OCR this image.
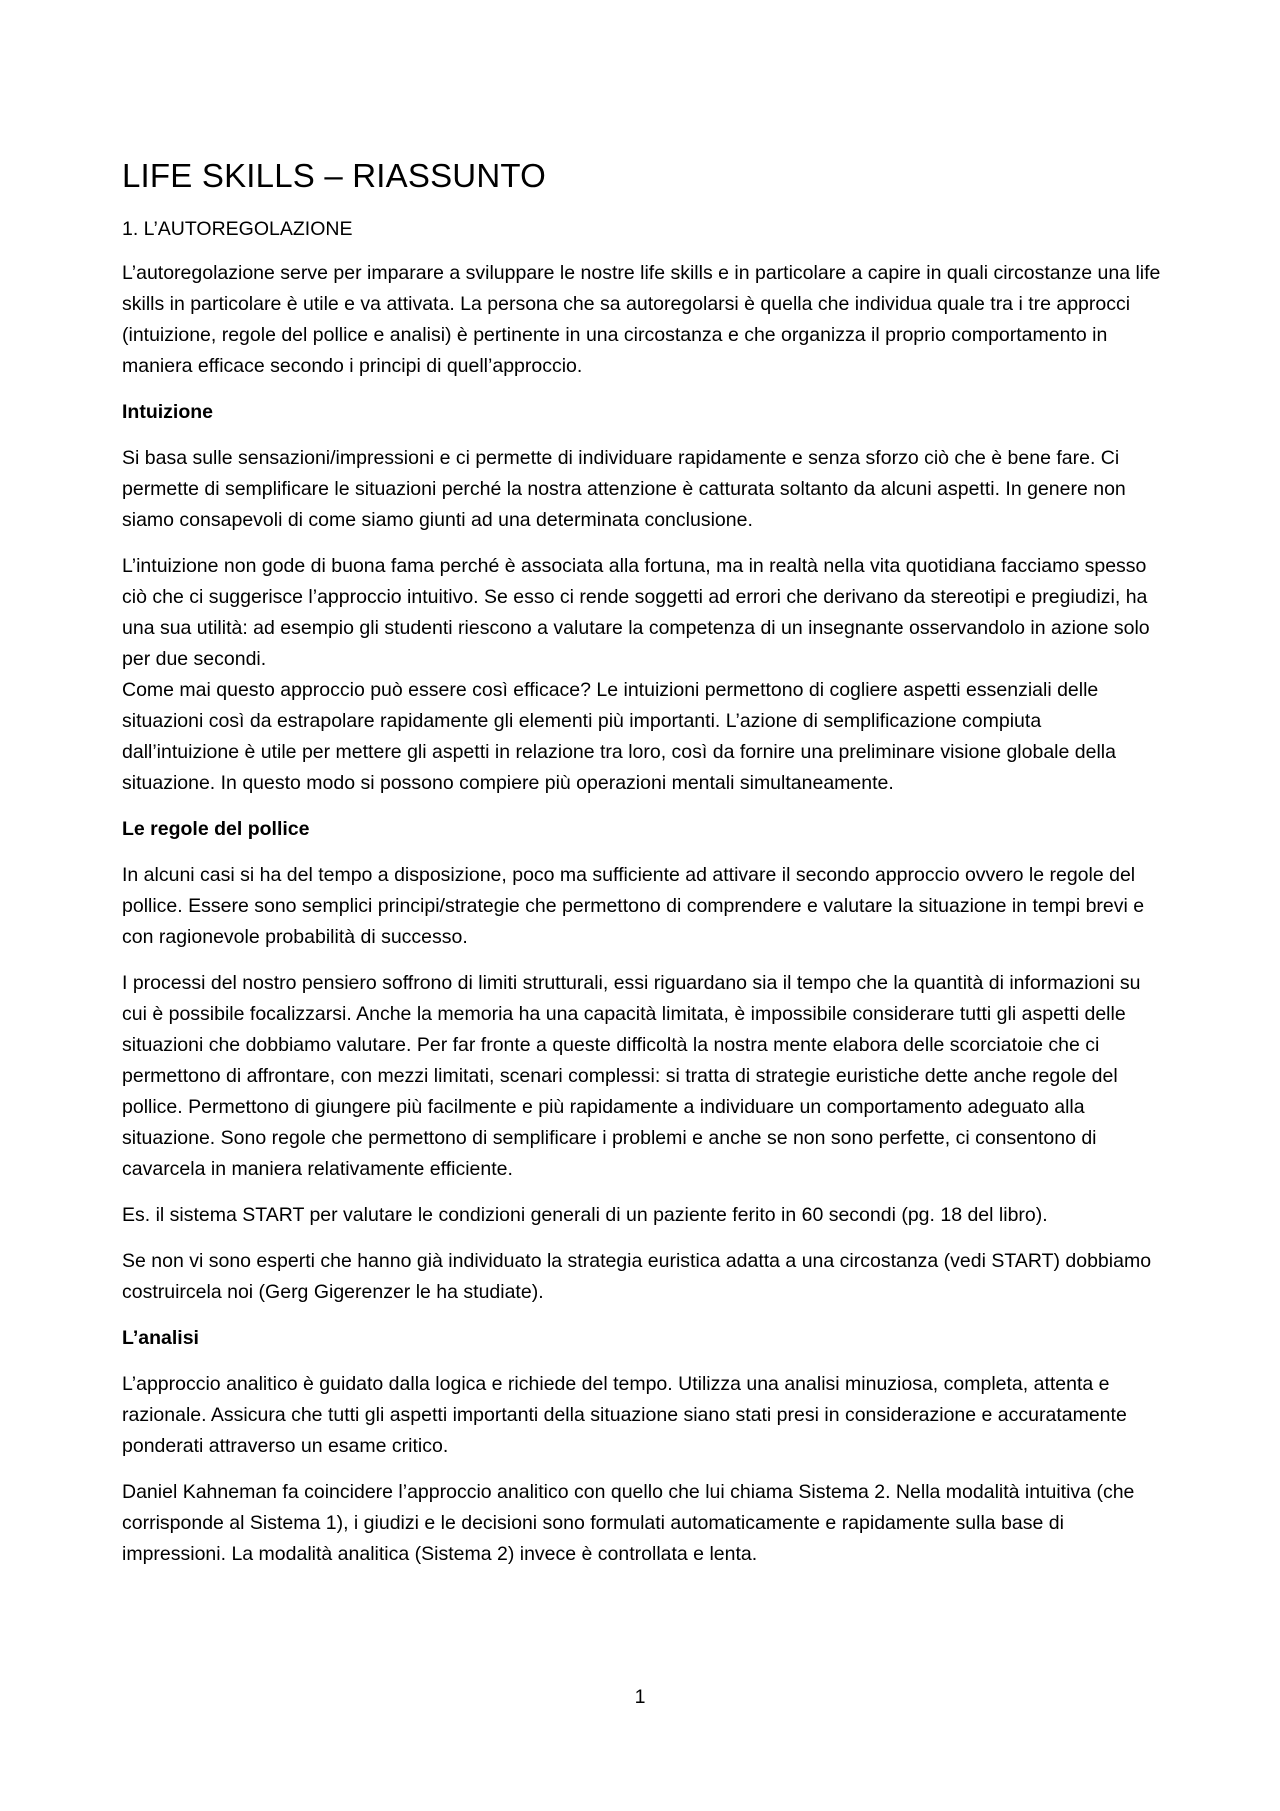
LIFE SKILLS – RIASSUNTO
1. L’AUTOREGOLAZIONE

L’autoregolazione serve per imparare a sviluppare le nostre life skills e in particolare a capire in quali circostanze una life skills in particolare è utile e va attivata. La persona che sa autoregolarsi è quella che individua quale tra i tre approcci (intuizione, regole del pollice e analisi) è pertinente in una circostanza e che organizza il proprio comportamento in maniera efficace secondo i principi di quell’approccio.

Intuizione

Si basa sulle sensazioni/impressioni e ci permette di individuare rapidamente e senza sforzo ciò che è bene fare. Ci permette di semplificare le situazioni perché la nostra attenzione è catturata soltanto da alcuni aspetti. In genere non siamo consapevoli di come siamo giunti ad una determinata conclusione.

L’intuizione non gode di buona fama perché è associata alla fortuna, ma in realtà nella vita quotidiana facciamo spesso ciò che ci suggerisce l’approccio intuitivo. Se esso ci rende soggetti ad errori che derivano da stereotipi e pregiudizi, ha una sua utilità: ad esempio gli studenti riescono a valutare la competenza di un insegnante osservandolo in azione solo per due secondi.

Come mai questo approccio può essere così efficace? Le intuizioni permettono di cogliere aspetti essenziali delle situazioni così da estrapolare rapidamente gli elementi più importanti. L’azione di semplificazione compiuta dall’intuizione è utile per mettere gli aspetti in relazione tra loro, così da fornire una preliminare visione globale della situazione. In questo modo si possono compiere più operazioni mentali simultaneamente.

Le regole del pollice

In alcuni casi si ha del tempo a disposizione, poco ma sufficiente ad attivare il secondo approccio ovvero le regole del pollice. Essere sono semplici principi/strategie che permettono di comprendere e valutare la situazione in tempi brevi e con ragionevole probabilità di successo.

I processi del nostro pensiero soffrono di limiti strutturali, essi riguardano sia il tempo che la quantità di informazioni su cui è possibile focalizzarsi. Anche la memoria ha una capacità limitata, è impossibile considerare tutti gli aspetti delle situazioni che dobbiamo valutare. Per far fronte a queste difficoltà la nostra mente elabora delle scorciatoie che ci permettono di affrontare, con mezzi limitati, scenari complessi: si tratta di strategie euristiche dette anche regole del pollice. Permettono di giungere più facilmente e più rapidamente a individuare un comportamento adeguato alla situazione. Sono regole che permettono di semplificare i problemi e anche se non sono perfette, ci consentono di cavarcela in maniera relativamente efficiente.

Es. il sistema START per valutare le condizioni generali di un paziente ferito in 60 secondi (pg. 18 del libro).

Se non vi sono esperti che hanno già individuato la strategia euristica adatta a una circostanza (vedi START) dobbiamo costruircela noi (Gerg Gigerenzer le ha studiate).

L’analisi

L’approccio analitico è guidato dalla logica e richiede del tempo. Utilizza una analisi minuziosa, completa, attenta e razionale. Assicura che tutti gli aspetti importanti della situazione siano stati presi in considerazione e accuratamente ponderati attraverso un esame critico.

Daniel Kahneman fa coincidere l’approccio analitico con quello che lui chiama Sistema 2. Nella modalità intuitiva (che corrisponde al Sistema 1), i giudizi e le decisioni sono formulati automaticamente e rapidamente sulla base di impressioni. La modalità analitica (Sistema 2) invece è controllata e lenta.

1
